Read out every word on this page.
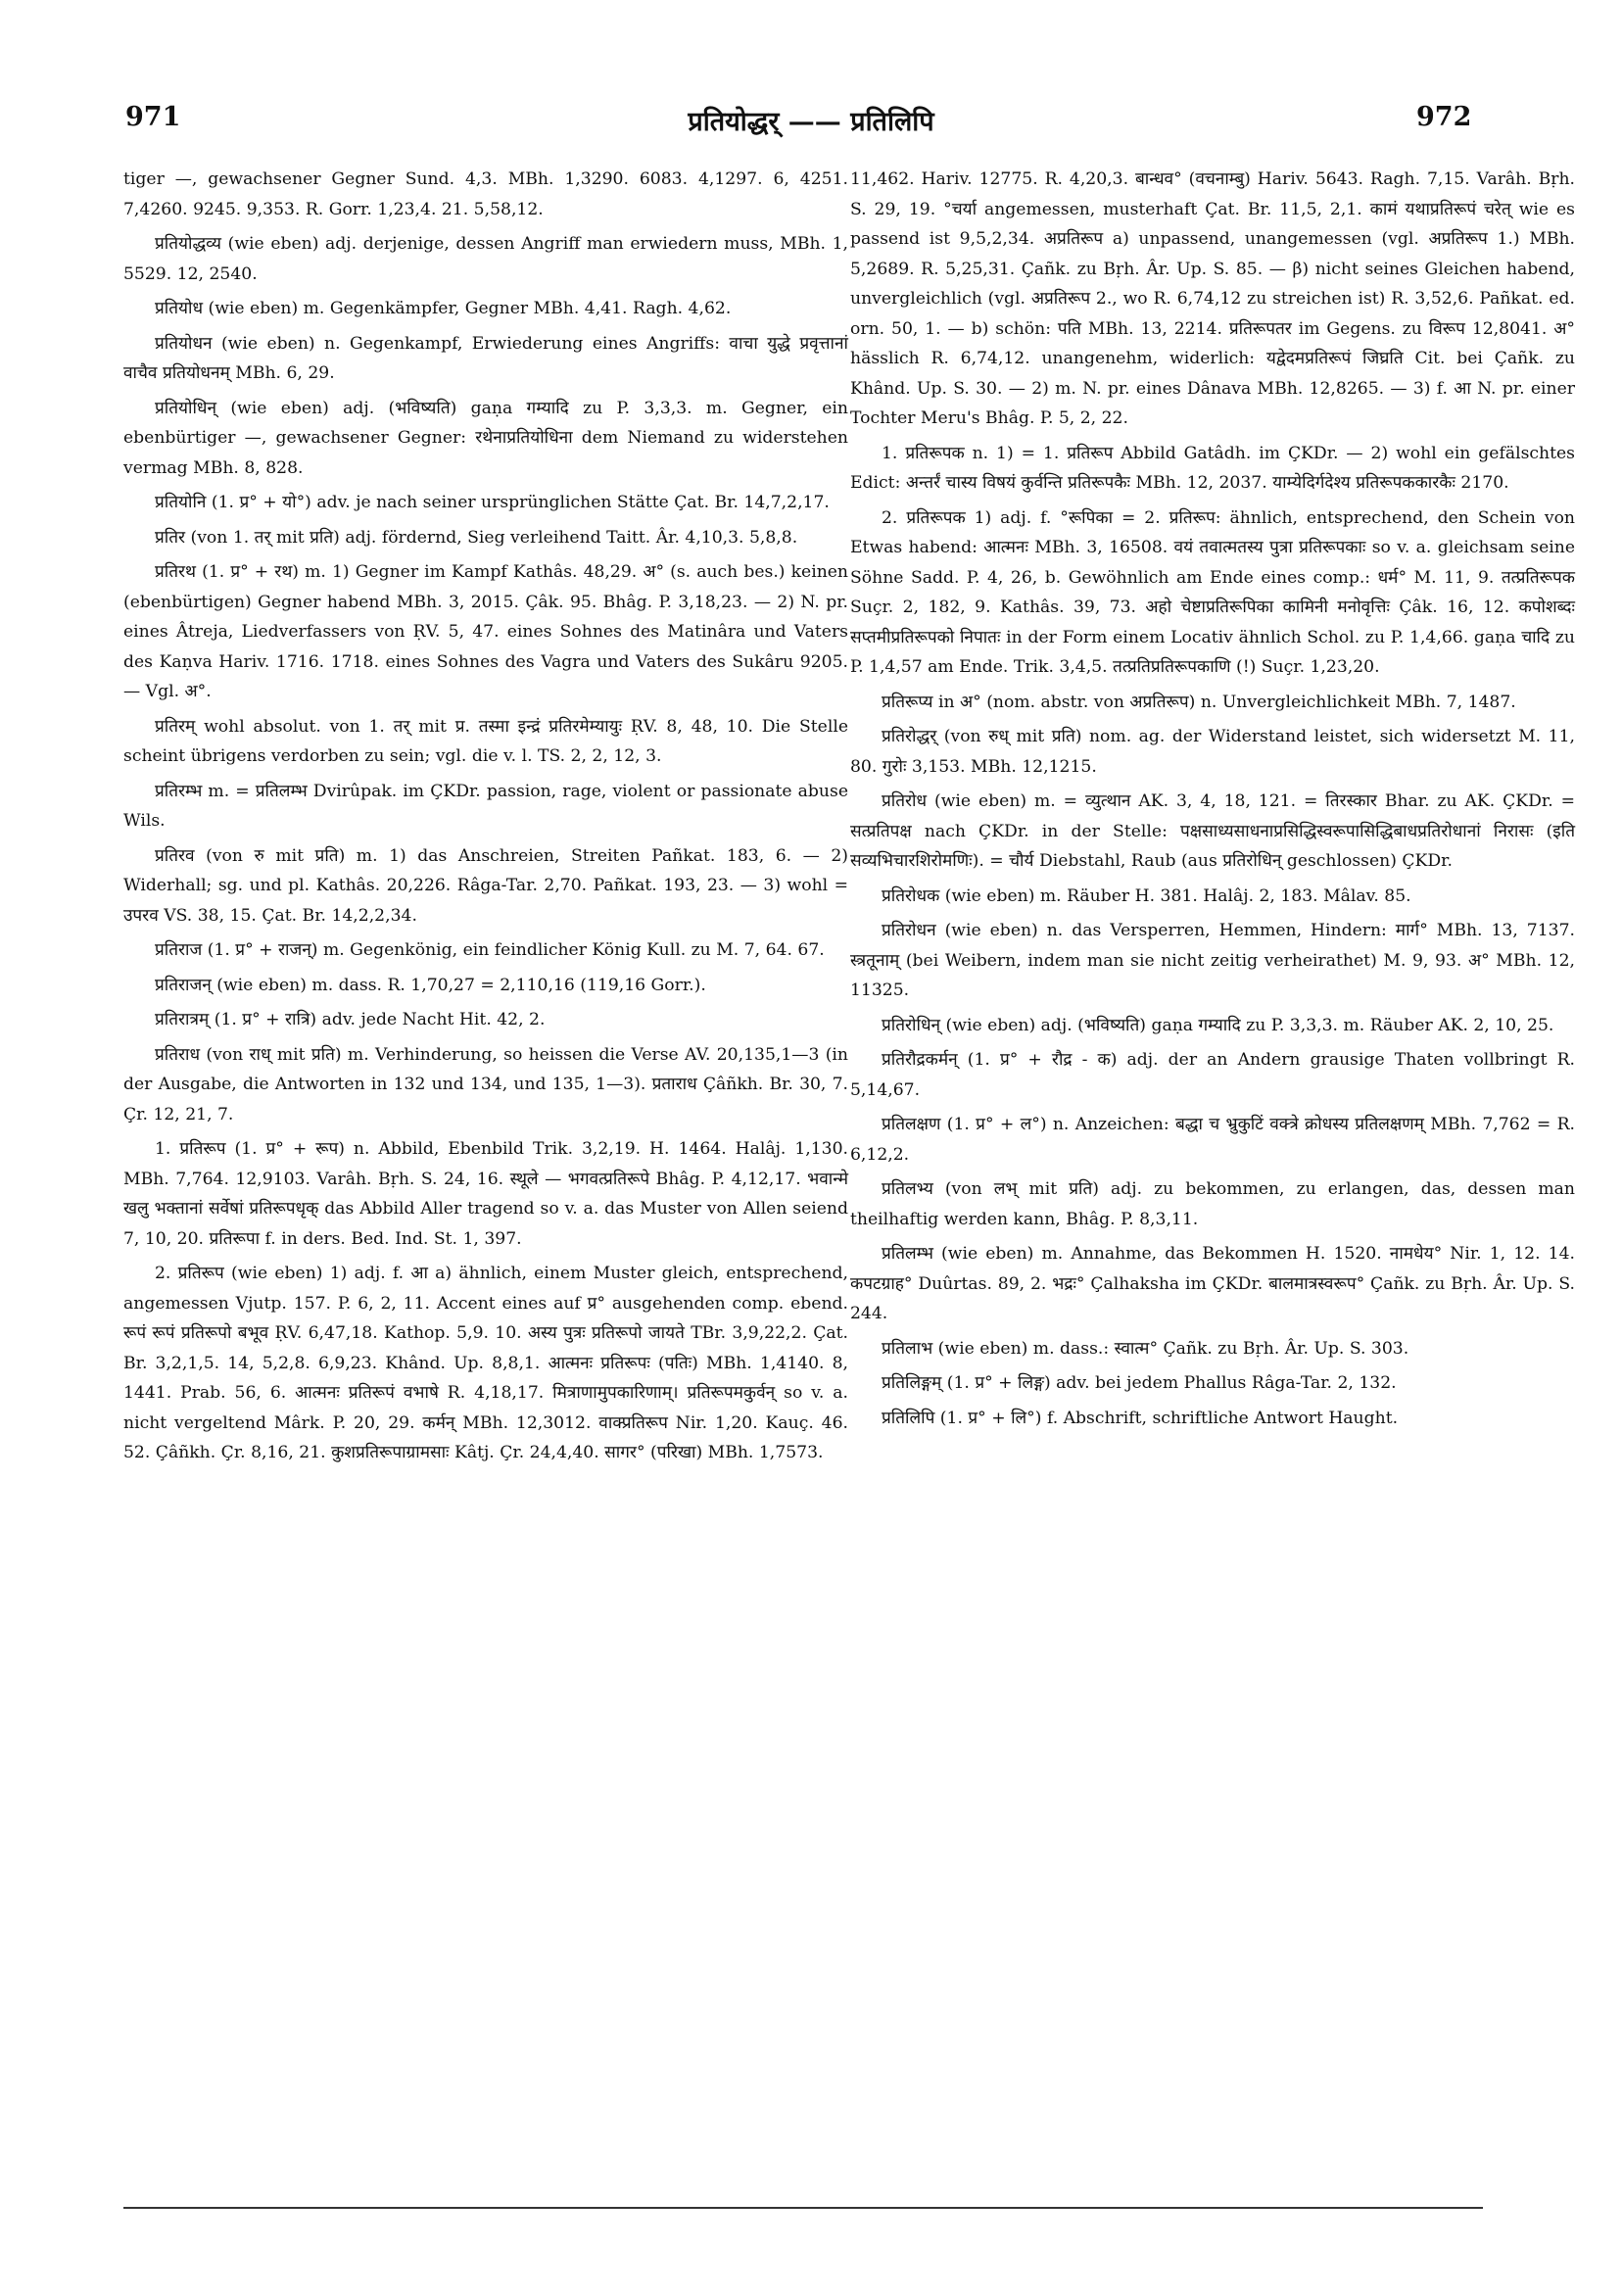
971	प्रतियोद्धर् —— प्रतिलिपि	972

tiger —, gewachsener Gegner Sund. 4,3. MBh. 1,3290. 6083. 4,1297. 6, 4251. 7,4260. 9245. 9,353. R. Gorr. 1,23,4. 21. 5,58,12.

प्रतियोद्धव्य (wie eben) adj. derjenige, dessen Angriff man erwiedern muss, MBh. 1, 5529. 12, 2540.

प्रतियोध (wie eben) m. Gegenkämpfer, Gegner MBh. 4,41. Ragh. 4,62.

प्रतियोधन (wie eben) n. Gegenkampf, Erwiederung eines Angriffs: वाचा युद्धे प्रवृत्तानां वाचैव प्रतियोधनम् MBh. 6, 29.

प्रतियोधिन् (wie eben) adj. (भविष्यति) gaṇa गम्यादि zu P. 3,3,3. m. Gegner, ein ebenbürtiger —, gewachsener Gegner: रथेनाप्रतियोधिना dem Niemand zu widerstehen vermag MBh. 8, 828.

प्रतियोनि (1. प्र° + यो°) adv. je nach seiner ursprünglichen Stätte Çat. Br. 14,7,2,17.

प्रतिर (von 1. तर् mit प्रति) adj. fördernd, Sieg verleihend Taitt. Âr. 4,10,3. 5,8,8.

प्रतिरथ (1. प्र° + रथ) m. 1) Gegner im Kampf Kathâs. 48,29. अ° (s. auch bes.) keinen (ebenbürtigen) Gegner habend MBh. 3, 2015. Çâk. 95. Bhâg. P. 3,18,23. — 2) N. pr. eines Âtreja, Liedverfassers von ṚV. 5, 47. eines Sohnes des Matinâra und Vaters des Kaṇva Hariv. 1716. 1718. eines Sohnes des Vagra und Vaters des Sukâru 9205. — Vgl. अ°.

प्रतिरम् wohl absolut. von 1. तर् mit प्र. तस्मा इन्द्रं प्रतिरमेम्यायुः ṚV. 8, 48, 10. Die Stelle scheint übrigens verdorben zu sein; vgl. die v. l. TS. 2, 2, 12, 3.

प्रतिरम्भ m. = प्रतिलम्भ Dvirûpak. im ÇKDr. passion, rage, violent or passionate abuse Wils.

प्रतिरव (von रु mit प्रति) m. 1) das Anschreien, Streiten Pañkat. 183, 6. — 2) Widerhall; sg. und pl. Kathâs. 20,226. Râga-Tar. 2,70. Pañkat. 193, 23. — 3) wohl = उपरव VS. 38, 15. Çat. Br. 14,2,2,34.

प्रतिराज (1. प्र° + राजन्) m. Gegenkönig, ein feindlicher König Kull. zu M. 7, 64. 67.

प्रतिराजन् (wie eben) m. dass. R. 1,70,27 = 2,110,16 (119,16 Gorr.).

प्रतिरात्रम् (1. प्र° + रात्रि) adv. jede Nacht Hit. 42, 2.

प्रतिराध (von राध् mit प्रति) m. Verhinderung, so heissen die Verse AV. 20,135,1—3 (in der Ausgabe, die Antworten in 132 und 134, und 135, 1—3). प्रताराध Çâñkh. Br. 30, 7. Çr. 12, 21, 7.

1. प्रतिरूप (1. प्र° + रूप) n. Abbild, Ebenbild Trik. 3,2,19. H. 1464. Halâj. 1,130. MBh. 7,764. 12,9103. Varâh. Bṛh. S. 24, 16. स्थूले — भगवत्प्रतिरूपे Bhâg. P. 4,12,17. भवान्मे खलु भक्तानां सर्वेषां प्रतिरूपधृक् das Abbild Aller tragend so v. a. das Muster von Allen seiend 7, 10, 20. प्रतिरूपा f. in ders. Bed. Ind. St. 1, 397.

2. प्रतिरूप (wie eben) 1) adj. f. आ a) ähnlich, einem Muster gleich, entsprechend, angemessen Vjutp. 157. P. 6, 2, 11. Accent eines auf प्र° ausgehenden comp. ebend. रूपं रूपं प्रतिरूपो बभूव ṚV. 6,47,18. Kathop. 5,9. 10. अस्य पुत्रः प्रतिरूपो जायते TBr. 3,9,22,2. Çat. Br. 3,2,1,5. 14, 5,2,8. 6,9,23. Khând. Up. 8,8,1. आत्मनः प्रतिरूपः (पतिः) MBh. 1,4140. 8, 1441. Prab. 56, 6. आत्मनः प्रतिरूपं वभाषे R. 4,18,17. मित्राणामुपकारिणाम्। प्रतिरूपमकुर्वन् so v. a. nicht vergeltend Mârk. P. 20, 29. कर्मन् MBh. 12,3012. वाक्प्रतिरूप Nir. 1,20. Kauç. 46. 52. Çâñkh. Çr. 8,16, 21. कुशप्रतिरूपाग्रामसाः Kâtj. Çr. 24,4,40. सागर° (परिखा) MBh. 1,7573.

11,462. Hariv. 12775. R. 4,20,3. बान्धव° (वचनाम्बु) Hariv. 5643. Ragh. 7,15. Varâh. Bṛh. S. 29, 19. °चर्या angemessen, musterhaft Çat. Br. 11,5, 2,1. कामं यथाप्रतिरूपं चरेत् wie es passend ist 9,5,2,34. अप्रतिरूप a) unpassend, unangemessen (vgl. अप्रतिरूप 1.) MBh. 5,2689. R. 5,25,31. Çañk. zu Bṛh. Âr. Up. S. 85. — β) nicht seines Gleichen habend, unvergleichlich (vgl. अप्रतिरूप 2., wo R. 6,74,12 zu streichen ist) R. 3,52,6. Pañkat. ed. orn. 50, 1. — b) schön: पति MBh. 13, 2214. प्रतिरूपतर im Gegens. zu विरूप 12,8041. अ° hässlich R. 6,74,12. unangenehm, widerlich: यद्वेदमप्रतिरूपं जिघ्रति Cit. bei Çañk. zu Khând. Up. S. 30. — 2) m. N. pr. eines Dânava MBh. 12,8265. — 3) f. आ N. pr. einer Tochter Meru's Bhâg. P. 5, 2, 22.

1. प्रतिरूपक n. 1) = 1. प्रतिरूप Abbild Gatâdh. im ÇKDr. — 2) wohl ein gefälschtes Edict: अन्तर्रं चास्य विषयं कुर्वन्ति प्रतिरूपकैः MBh. 12, 2037. याम्येदिर्गदेश्य प्रतिरूपककारकैः 2170.

2. प्रतिरूपक 1) adj. f. °रूपिका = 2. प्रतिरूप: ähnlich, entsprechend, den Schein von Etwas habend: आत्मनः MBh. 3, 16508. वयं तवात्मतस्य पुत्रा प्रतिरूपकाः so v. a. gleichsam seine Söhne Sadd. P. 4, 26, b. Gewöhnlich am Ende eines comp.: धर्म° M. 11, 9. तत्प्रतिरूपक Suçr. 2, 182, 9. Kathâs. 39, 73. अहो चेष्टाप्रतिरूपिका कामिनी मनोवृत्तिः Çâk. 16, 12. कपोशब्दः सप्तमीप्रतिरूपको निपातः in der Form einem Locativ ähnlich Schol. zu P. 1,4,66. gaṇa चादि zu P. 1,4,57 am Ende. Trik. 3,4,5. तत्प्रतिप्रतिरूपकाणि (!) Suçr. 1,23,20.

प्रतिरूप्य in अ° (nom. abstr. von अप्रतिरूप) n. Unvergleichlichkeit MBh. 7, 1487.

प्रतिरोद्धर् (von रुध् mit प्रति) nom. ag. der Widerstand leistet, sich widersetzt M. 11, 80. गुरोः 3,153. MBh. 12,1215.

प्रतिरोध (wie eben) m. = व्युत्थान AK. 3, 4, 18, 121. = तिरस्कार Bhar. zu AK. ÇKDr. = सत्प्रतिपक्ष nach ÇKDr. in der Stelle: पक्षसाध्यसाधनाप्रसिद्धिस्वरूपासिद्धिबाधप्रतिरोधानां निरासः (इति सव्यभिचारशिरोमणिः). = चौर्य Diebstahl, Raub (aus प्रतिरोधिन् geschlossen) ÇKDr.

प्रतिरोधक (wie eben) m. Räuber H. 381. Halâj. 2, 183. Mâlav. 85.

प्रतिरोधन (wie eben) n. das Versperren, Hemmen, Hindern: मार्ग° MBh. 13, 7137. स्त्रतूनाम् (bei Weibern, indem man sie nicht zeitig verheirathet) M. 9, 93. अ° MBh. 12, 11325.

प्रतिरोधिन् (wie eben) adj. (भविष्यति) gaṇa गम्यादि zu P. 3,3,3. m. Räuber AK. 2, 10, 25.

प्रतिरौद्रकर्मन् (1. प्र° + रौद्र - क) adj. der an Andern grausige Thaten vollbringt R. 5,14,67.

प्रतिलक्षण (1. प्र° + ल°) n. Anzeichen: बद्धा च भ्रुकुटिं वक्त्रे क्रोधस्य प्रतिलक्षणम् MBh. 7,762 = R. 6,12,2.

प्रतिलभ्य (von लभ् mit प्रति) adj. zu bekommen, zu erlangen, das, dessen man theilhaftig werden kann, Bhâg. P. 8,3,11.

प्रतिलम्भ (wie eben) m. Annahme, das Bekommen H. 1520. नामधेय° Nir. 1, 12. 14. कपटग्राह° Duûrtas. 89, 2. भद्रः° Çalhaksha im ÇKDr. बालमात्रस्वरूप° Çañk. zu Bṛh. Âr. Up. S. 244.

प्रतिलाभ (wie eben) m. dass.: स्वात्म° Çañk. zu Bṛh. Âr. Up. S. 303.

प्रतिलिङ्गम् (1. प्र° + लिङ्ग) adv. bei jedem Phallus Râga-Tar. 2, 132.

प्रतिलिपि (1. प्र° + लि°) f. Abschrift, schriftliche Antwort Haught.
